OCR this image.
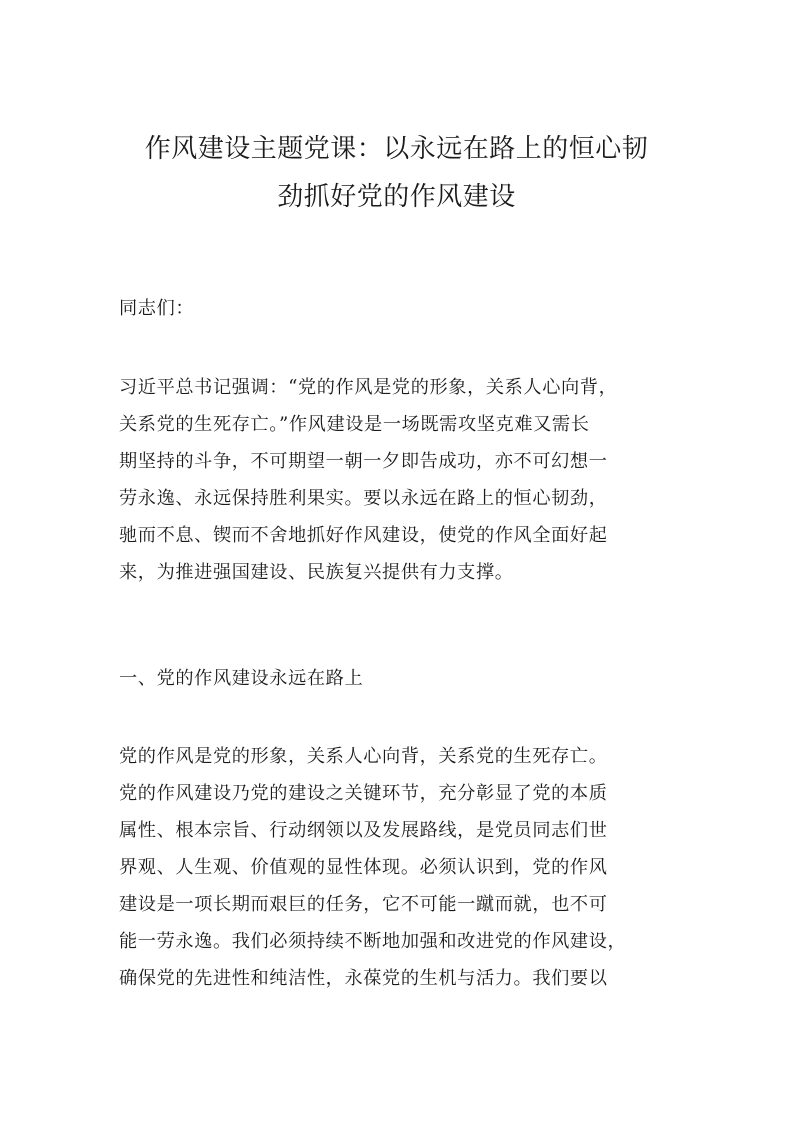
作风建设主题党课：以永远在路上的恒心韧
劲抓好党的作风建设

同志们：

习近平总书记强调：“党的作风是党的形象，关系人心向背，
关系党的生死存亡。”作风建设是一场既需攻坚克难又需长
期坚持的斗争，不可期望一朝一夕即告成功，亦不可幻想一
劳永逸、永远保持胜利果实。要以永远在路上的恒心韧劲，
驰而不息、锲而不舍地抓好作风建设，使党的作风全面好起
来，为推进强国建设、民族复兴提供有力支撑。

一、党的作风建设永远在路上

党的作风是党的形象，关系人心向背，关系党的生死存亡。
党的作风建设乃党的建设之关键环节，充分彰显了党的本质
属性、根本宗旨、行动纲领以及发展路线，是党员同志们世
界观、人生观、价值观的显性体现。必须认识到，党的作风
建设是一项长期而艰巨的任务，它不可能一蹴而就，也不可
能一劳永逸。我们必须持续不断地加强和改进党的作风建设，
确保党的先进性和纯洁性，永葆党的生机与活力。我们要以
